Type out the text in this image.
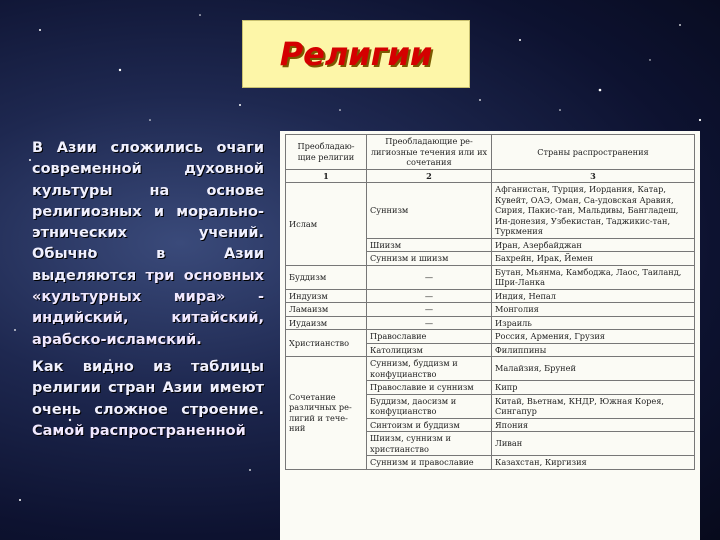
Религии

В Азии сложились очаги современной духовной культуры на основе религиозных и морально-этнических учений. Обычно в Азии выделяются три основных «культурных мира» - индийский, китайский, арабско-исламский.

Как видно из таблицы религии стран Азии имеют очень сложное строение. Самой распространенной

Преобладаю-щие религии	Преобладающие ре-лигиозные течения или их сочетания	Страны распространения
1	2	3
Ислам	Суннизм	Афганистан, Турция, Иордания, Катар, Кувейт, ОАЭ, Оман, Са-удовская Аравия, Сирия, Пакис-тан, Мальдивы, Бангладеш, Ин-донезия, Узбекистан, Таджикис-тан, Туркмения
	Шиизм	Иран, Азербайджан
	Суннизм и шиизм	Бахрейн, Ирак, Йемен
Буддизм	—	Бутан, Мьянма, Камбоджа, Лаос, Таиланд, Шри-Ланка
Индуизм	—	Индия, Непал
Ламаизм	—	Монголия
Иудаизм	—	Израиль
Христианство	Православие	Россия, Армения, Грузия
	Католицизм	Филиппины
Сочетание различных ре-лигий и тече-ний	Суннизм, буддизм и конфуцианство	Малайзия, Бруней
	Православие и суннизм	Кипр
	Буддизм, даосизм и конфуцианство	Китай, Вьетнам, КНДР, Южная Корея, Сингапур
	Синтоизм и буддизм	Япония
	Шиизм, суннизм и христианство	Ливан
	Суннизм и православие	Казахстан, Киргизия
